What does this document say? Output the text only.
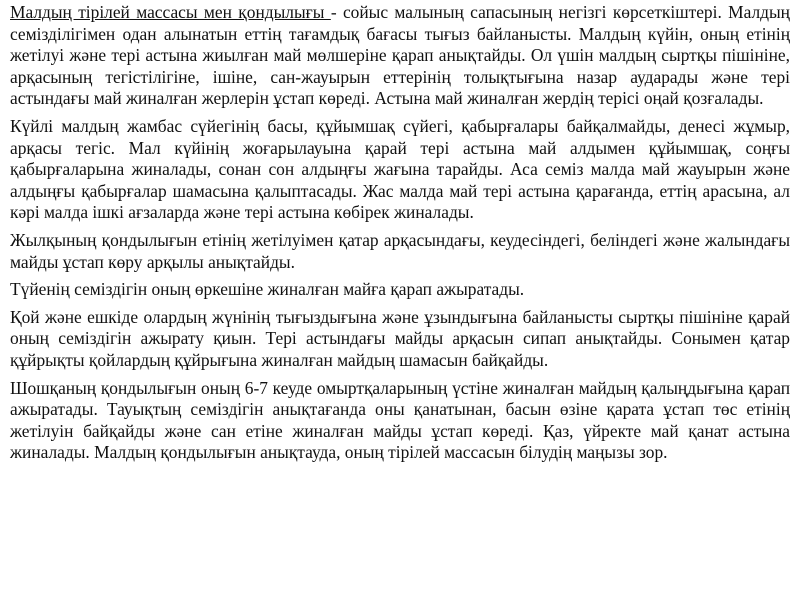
Малдың тірілей массасы мен қондылығы - сойыс малының сапасының негізгі көрсеткіштері. Малдың семіздiлігімен одан алынатын еттің тағамдық бағасы тығыз байланысты. Малдың күйін, оның етінің жетілуі және тері астына жиылған май мөлшеріне қарап анықтайды. Ол үшін малдың сыртқы пішініне, арқасының тегістілігіне, ішіне, сан-жауырын еттерінің толықтығына назар аударады және тері астындағы май жиналған жерлерін ұстап көреді. Астына май жиналған жердің терісі оңай қозғалады.

Күйлі малдың жамбас сүйегінің басы, құйымшақ сүйегі, қабырғалары байқалмайды, денесі жұмыр, арқасы тегіс. Мал күйінің жоғарылауына қарай тері астына май алдымен құйымшақ, соңғы қабырғаларына жиналады, сонан сон алдыңғы жағына тарайды. Аса семіз малда май жауырын және алдыңғы қабырғалар шамасына қалыптасады. Жас малда май тері астына қарағанда, еттің арасына, ал кәрі малда ішкі ағзаларда және тері астына көбірек жиналады.

Жылқының қондылығын етінің жетілуімен қатар арқасындағы, кеудесіндегі, беліндегі және жалындағы майды ұстап көру арқылы анықтайды.

Түйенің семіздігін оның өркешіне жиналған майға қарап ажыратады.

Қой және ешкіде олардың жүнінің тығыздығына және ұзындығына байланысты сыртқы пішініне қарай оның семіздігін ажырату қиын. Тері астындағы майды арқасын сипап анықтайды. Сонымен қатар құйрықты қойлардың құйрығына жиналған майдың шамасын байқайды.

Шошқаның қондылығын оның 6-7 кеуде омыртқаларының үстіне жиналған майдың қалыңдығына қарап ажыратады. Тауықтың семіздігін анықтағанда оны қанатынан, басын өзіне қарата ұстап төс етінің жетілуін байқайды және сан етіне жиналған майды ұстап көреді. Қаз, үйректе май қанат астына жиналады. Малдың қондылығын анықтауда, оның тірілей массасын білудің маңызы зор.
